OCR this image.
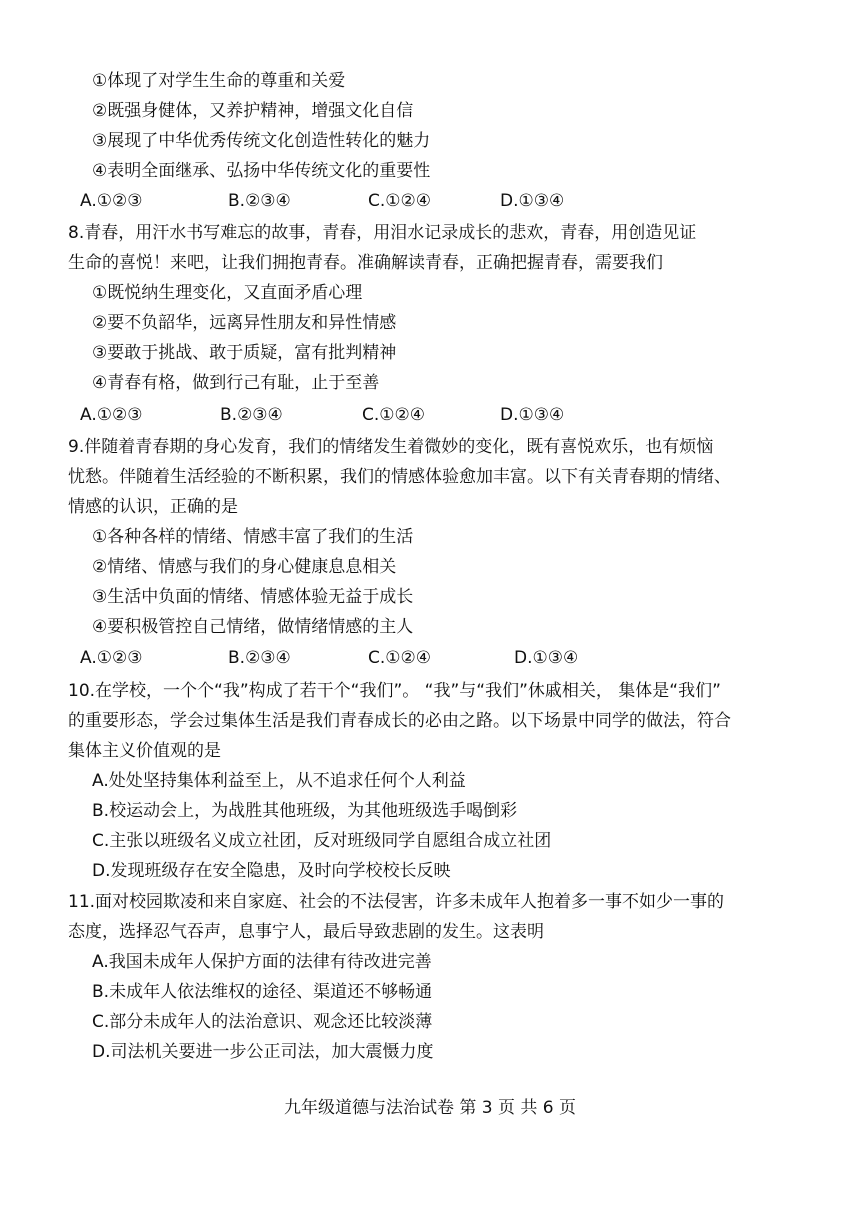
①体现了对学生生命的尊重和关爱
②既强身健体，又养护精神，增强文化自信
③展现了中华优秀传统文化创造性转化的魅力
④表明全面继承、弘扬中华传统文化的重要性
A.①②③	B.②③④	C.①②④	D.①③④
8.青春，用汗水书写难忘的故事，青春，用泪水记录成长的悲欢，青春，用创造见证
生命的喜悦！来吧，让我们拥抱青春。准确解读青春，正确把握青春，需要我们
①既悦纳生理变化，又直面矛盾心理
②要不负韶华，远离异性朋友和异性情感
③要敢于挑战、敢于质疑，富有批判精神
④青春有格，做到行己有耻，止于至善
A.①②③	B.②③④	C.①②④	D.①③④
9.伴随着青春期的身心发育，我们的情绪发生着微妙的变化，既有喜悦欢乐，也有烦恼
忧愁。伴随着生活经验的不断积累，我们的情感体验愈加丰富。以下有关青春期的情绪、
情感的认识，正确的是
①各种各样的情绪、情感丰富了我们的生活
②情绪、情感与我们的身心健康息息相关
③生活中负面的情绪、情感体验无益于成长
④要积极管控自己情绪，做情绪情感的主人
A.①②③	B.②③④	C.①②④	D.①③④
10.在学校，一个个“我”构成了若干个“我们”。 “我”与“我们”休戚相关， 集体是“我们”
的重要形态，学会过集体生活是我们青春成长的必由之路。以下场景中同学的做法，符合
集体主义价值观的是
A.处处坚持集体利益至上，从不追求任何个人利益
B.校运动会上，为战胜其他班级，为其他班级选手喝倒彩
C.主张以班级名义成立社团，反对班级同学自愿组合成立社团
D.发现班级存在安全隐患，及时向学校校长反映
11.面对校园欺凌和来自家庭、社会的不法侵害，许多未成年人抱着多一事不如少一事的
态度，选择忍气吞声，息事宁人，最后导致悲剧的发生。这表明
A.我国未成年人保护方面的法律有待改进完善
B.未成年人依法维权的途径、渠道还不够畅通
C.部分未成年人的法治意识、观念还比较淡薄
D.司法机关要进一步公正司法，加大震慑力度
九年级道德与法治试卷 第 3 页 共 6 页
